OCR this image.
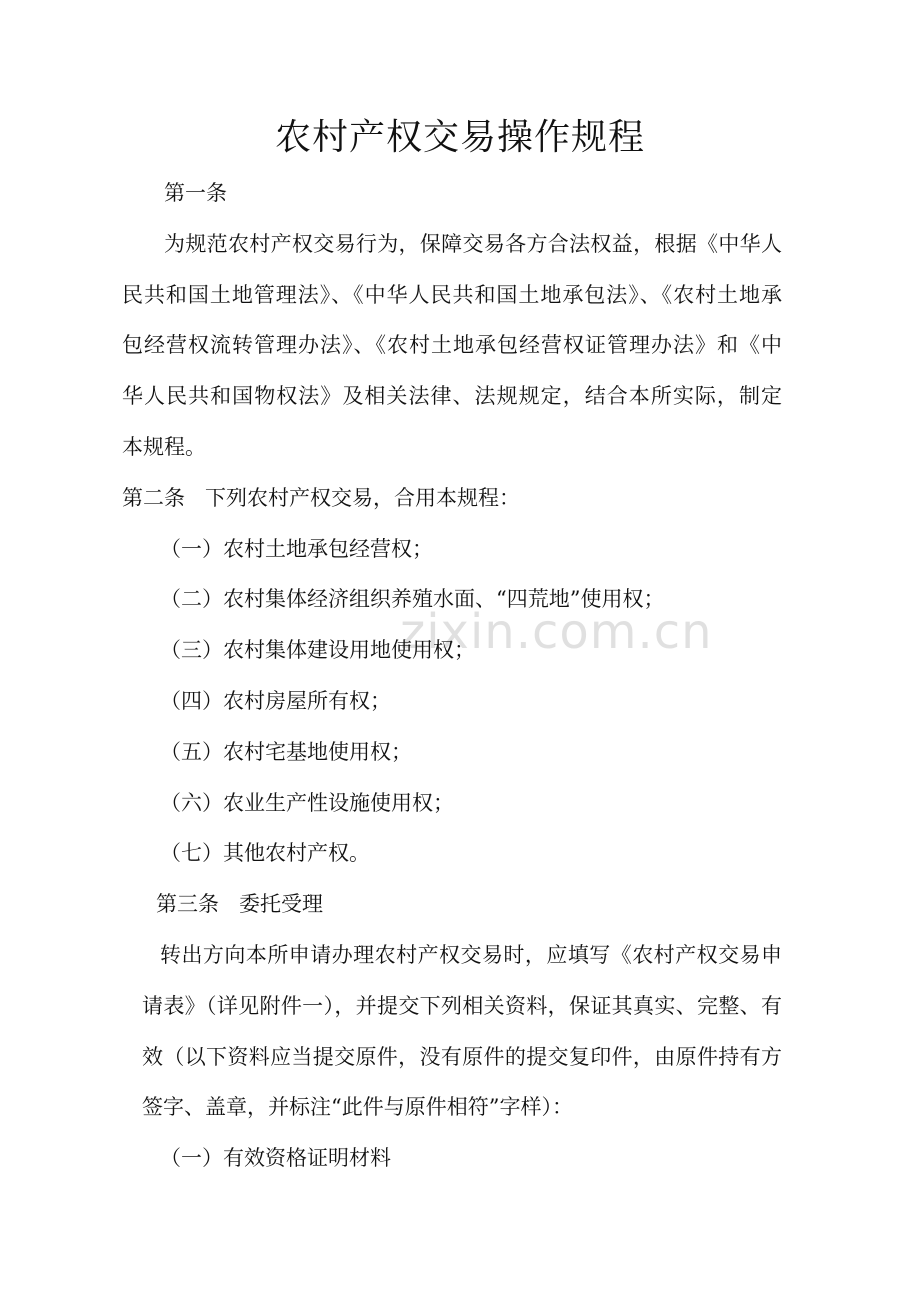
农村产权交易操作规程
zixin.com.cn

第一条

为规范农村产权交易行为，保障交易各方合法权益，根据《中华人

民共和国土地管理法》、《中华人民共和国土地承包法》、《农村土地承

包经营权流转管理办法》、《农村土地承包经营权证管理办法》和《中

华人民共和国物权法》及相关法律、法规规定，结合本所实际，制定

本规程。

第二条 下列农村产权交易，合用本规程：

（一）农村土地承包经营权；

（二）农村集体经济组织养殖水面、“四荒地”使用权；

（三）农村集体建设用地使用权；

（四）农村房屋所有权；

（五）农村宅基地使用权；

（六）农业生产性设施使用权；

（七）其他农村产权。

第三条 委托受理

转出方向本所申请办理农村产权交易时，应填写《农村产权交易申

请表》（详见附件一），并提交下列相关资料，保证其真实、完整、有

效（以下资料应当提交原件，没有原件的提交复印件，由原件持有方

签字、盖章，并标注“此件与原件相符”字样）：

（一）有效资格证明材料
